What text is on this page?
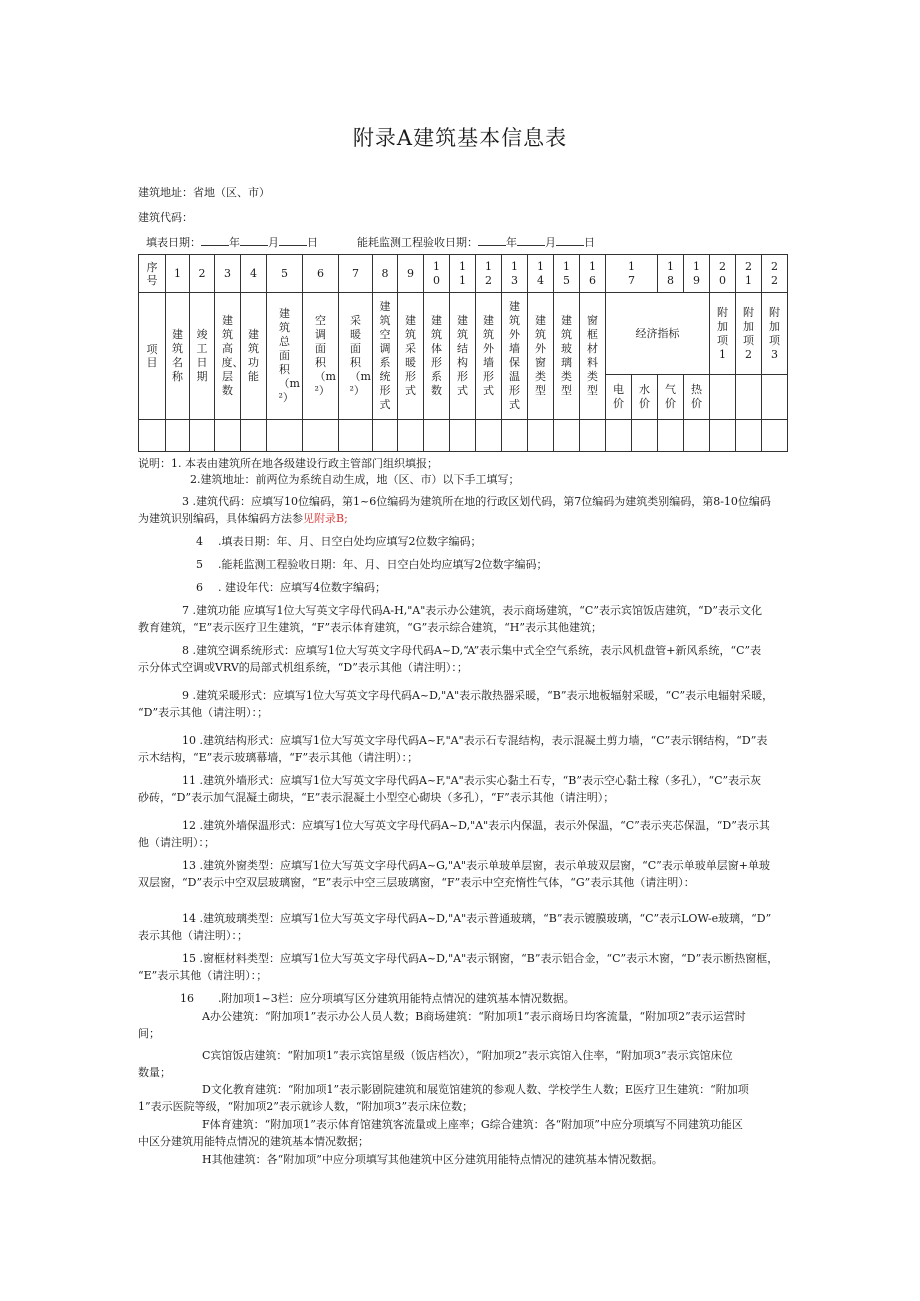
附录A建筑基本信息表
建筑地址：省地（区、市）
建筑代码：
填表日期：	年	月	日	能耗监测工程验收日期：	年	月	日
序号	1	2	3	4	5	6	7	8	9	10	11	12	13	14	15	16	17		18	19	20	21	22	
项目	建筑名称	竣工日期	建筑高度、层数	建筑功能	建筑总面积（m²）	空调面积（m²）	采暖面积（m²）	建筑空调系统形式	建筑采暖形式	建筑体形系数	建筑结构形式	建筑外墙形式	建筑外墙保温形式	建筑外窗类型	建筑玻璃类型	窗框材料类型	经济指标				附加项1	附加项2	附加项3	
																	电价	水价	气价	热价				

说明：1. 本表由建筑所在地各级建设行政主管部门组织填报；
2.建筑地址：前两位为系统自动生成，地（区、市）以下手工填写；
3 .建筑代码：应填写10位编码，第1~6位编码为建筑所在地的行政区划代码，第7位编码为建筑类别编码，第8-10位编码
为建筑识别编码，具体编码方法参见附录B;
4 .填表日期：年、月、日空白处均应填写2位数字编码；
5 .能耗监测工程验收日期：年、月、日空白处均应填写2位数字编码；
6 . 建设年代：应填写4位数字编码；
7 .建筑功能 应填写1位大写英文字母代码A-H,"A"表示办公建筑，表示商场建筑，“C”表示宾馆饭店建筑，“D”表示文化
教育建筑，“E”表示医疗卫生建筑，“F”表示体育建筑，“G”表示综合建筑，“H”表示其他建筑；
8 .建筑空调系统形式：应填写1位大写英文字母代码A~D,“A”表示集中式全空气系统，表示风机盘管+新风系统，“C”表
示分体式空调或VRV的局部式机组系统，“D”表示其他（请注明）：；
9 .建筑采暖形式：应填写1位大写英文字母代码A~D,"A"表示散热器采暖，“B”表示地板辐射采暖，“C”表示电辐射采暖，
“D”表示其他（请注明）：；
10 .建筑结构形式：应填写1位大写英文字母代码A~F,"A"表示石专混结构，表示混凝土剪力墙，“C”表示钢结构，“D”表
示木结构，“E”表示玻璃幕墙，“F”表示其他（请注明）：；
11 .建筑外墙形式：应填写1位大写英文字母代码A~F,"A"表示实心黏土石专，“B”表示空心黏土稼（多孔），“C”表示灰
砂砖，“D”表示加气混凝土砌块，“E”表示混凝土小型空心砌块（多孔），“F”表示其他（请注明）；
12 .建筑外墙保温形式：应填写1位大写英文字母代码A~D,"A"表示内保温，表示外保温，“C”表示夹芯保温，“D”表示其
他（请注明）：；
13 .建筑外窗类型：应填写1位大写英文字母代码A~G,"A"表示单玻单层窗，表示单玻双层窗，“C”表示单玻单层窗+单玻
双层窗，“D”表示中空双层玻璃窗，“E”表示中空三层玻璃窗，“F”表示中空充惰性气体，“G”表示其他（请注明）：
14 .建筑玻璃类型：应填写1位大写英文字母代码A~D,"A"表示普通玻璃，“B”表示镀膜玻璃，“C”表示LOW-e玻璃，“D”
表示其他（请注明）：；
15 .窗框材料类型：应填写1位大写英文字母代码A~D,"A"表示钢窗，“B”表示铝合金，“C”表示木窗，“D”表示断热窗框，
“E”表示其他（请注明）：；
16 .附加项1~3栏：应分项填写区分建筑用能特点情况的建筑基本情况数据。
A办公建筑：“附加项1”表示办公人员人数；B商场建筑：“附加项1”表示商场日均客流量，“附加项2”表示运营时
间；
C宾馆饭店建筑：“附加项1”表示宾馆星级（饭店档次），“附加项2”表示宾馆入住率，“附加项3”表示宾馆床位
数量；
D文化教育建筑：“附加项1”表示影剧院建筑和展览馆建筑的参观人数、学校学生人数；E医疗卫生建筑：“附加项
1”表示医院等级，“附加项2”表示就诊人数，“附加项3”表示床位数；
F体育建筑：“附加项1”表示体育馆建筑客流量或上座率；G综合建筑：各“附加项”中应分项填写不同建筑功能区
中区分建筑用能特点情况的建筑基本情况数据；
H其他建筑：各“附加项”中应分项填写其他建筑中区分建筑用能特点情况的建筑基本情况数据。
